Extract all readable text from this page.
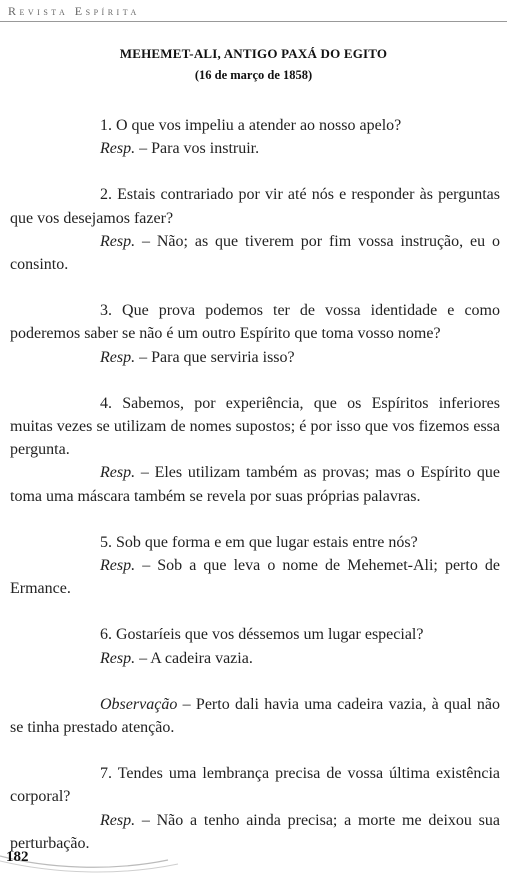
Revista Espírita
MEHEMET-ALI, ANTIGO PAXÁ DO EGITO
(16 de março de 1858)

1. O que vos impeliu a atender ao nosso apelo?

Resp. – Para vos instruir.

2. Estais contrariado por vir até nós e responder às perguntas que vos desejamos fazer?

Resp. – Não; as que tiverem por fim vossa instrução, eu o consinto.

3. Que prova podemos ter de vossa identidade e como poderemos saber se não é um outro Espírito que toma vosso nome?

Resp. – Para que serviria isso?

4. Sabemos, por experiência, que os Espíritos inferiores muitas vezes se utilizam de nomes supostos; é por isso que vos fizemos essa pergunta.

Resp. – Eles utilizam também as provas; mas o Espírito que toma uma máscara também se revela por suas próprias palavras.

5. Sob que forma e em que lugar estais entre nós?

Resp. – Sob a que leva o nome de Mehemet-Ali; perto de Ermance.

6. Gostaríeis que vos déssemos um lugar especial?

Resp. – A cadeira vazia.

Observação – Perto dali havia uma cadeira vazia, à qual não se tinha prestado atenção.

7. Tendes uma lembrança precisa de vossa última existência corporal?

Resp. – Não a tenho ainda precisa; a morte me deixou sua perturbação.

182
